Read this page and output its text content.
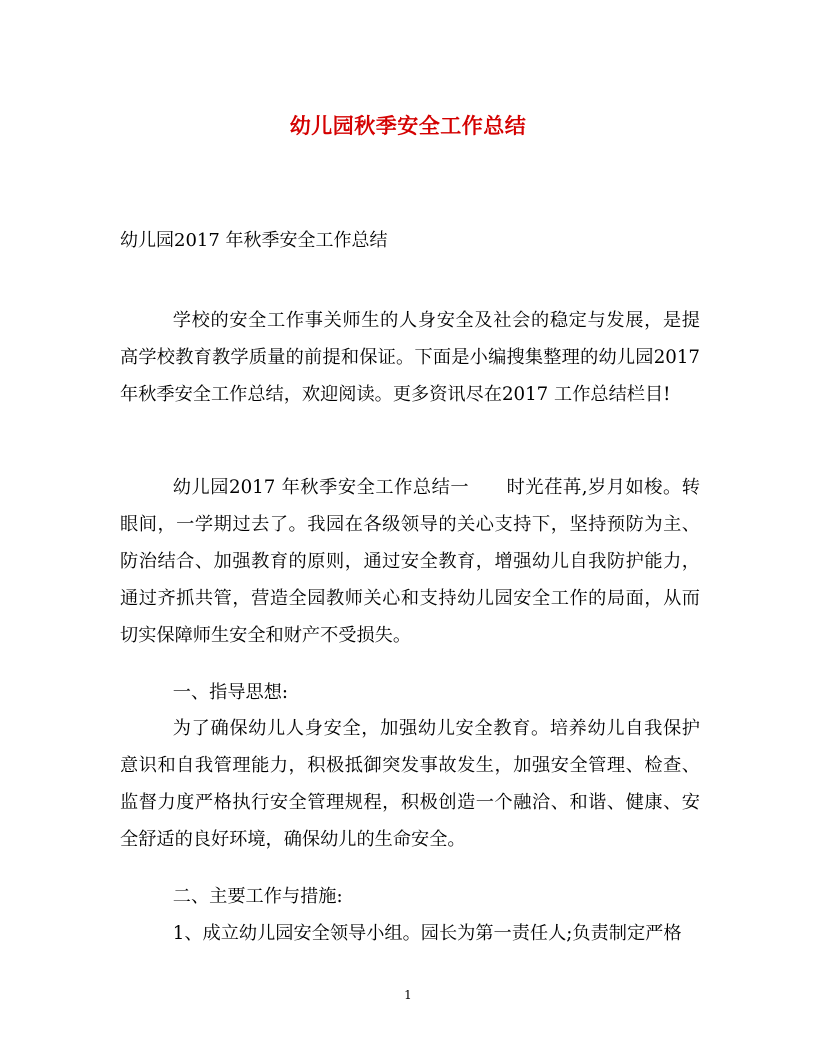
幼儿园秋季安全工作总结
幼儿园2017 年秋季安全工作总结
学校的安全工作事关师生的人身安全及社会的稳定与发展，是提高学校教育教学质量的前提和保证。下面是小编搜集整理的幼儿园2017 年秋季安全工作总结，欢迎阅读。更多资讯尽在2017 工作总结栏目!
幼儿园2017 年秋季安全工作总结一　　时光荏苒,岁月如梭。转眼间，一学期过去了。我园在各级领导的关心支持下，坚持预防为主、防治结合、加强教育的原则，通过安全教育，增强幼儿自我防护能力，通过齐抓共管，营造全园教师关心和支持幼儿园安全工作的局面，从而切实保障师生安全和财产不受损失。
一、指导思想:
为了确保幼儿人身安全，加强幼儿安全教育。培养幼儿自我保护意识和自我管理能力，积极抵御突发事故发生，加强安全管理、检查、监督力度严格执行安全管理规程，积极创造一个融洽、和谐、健康、安全舒适的良好环境，确保幼儿的生命安全。
二、主要工作与措施:
1、成立幼儿园安全领导小组。园长为第一责任人;负责制定严格
1
